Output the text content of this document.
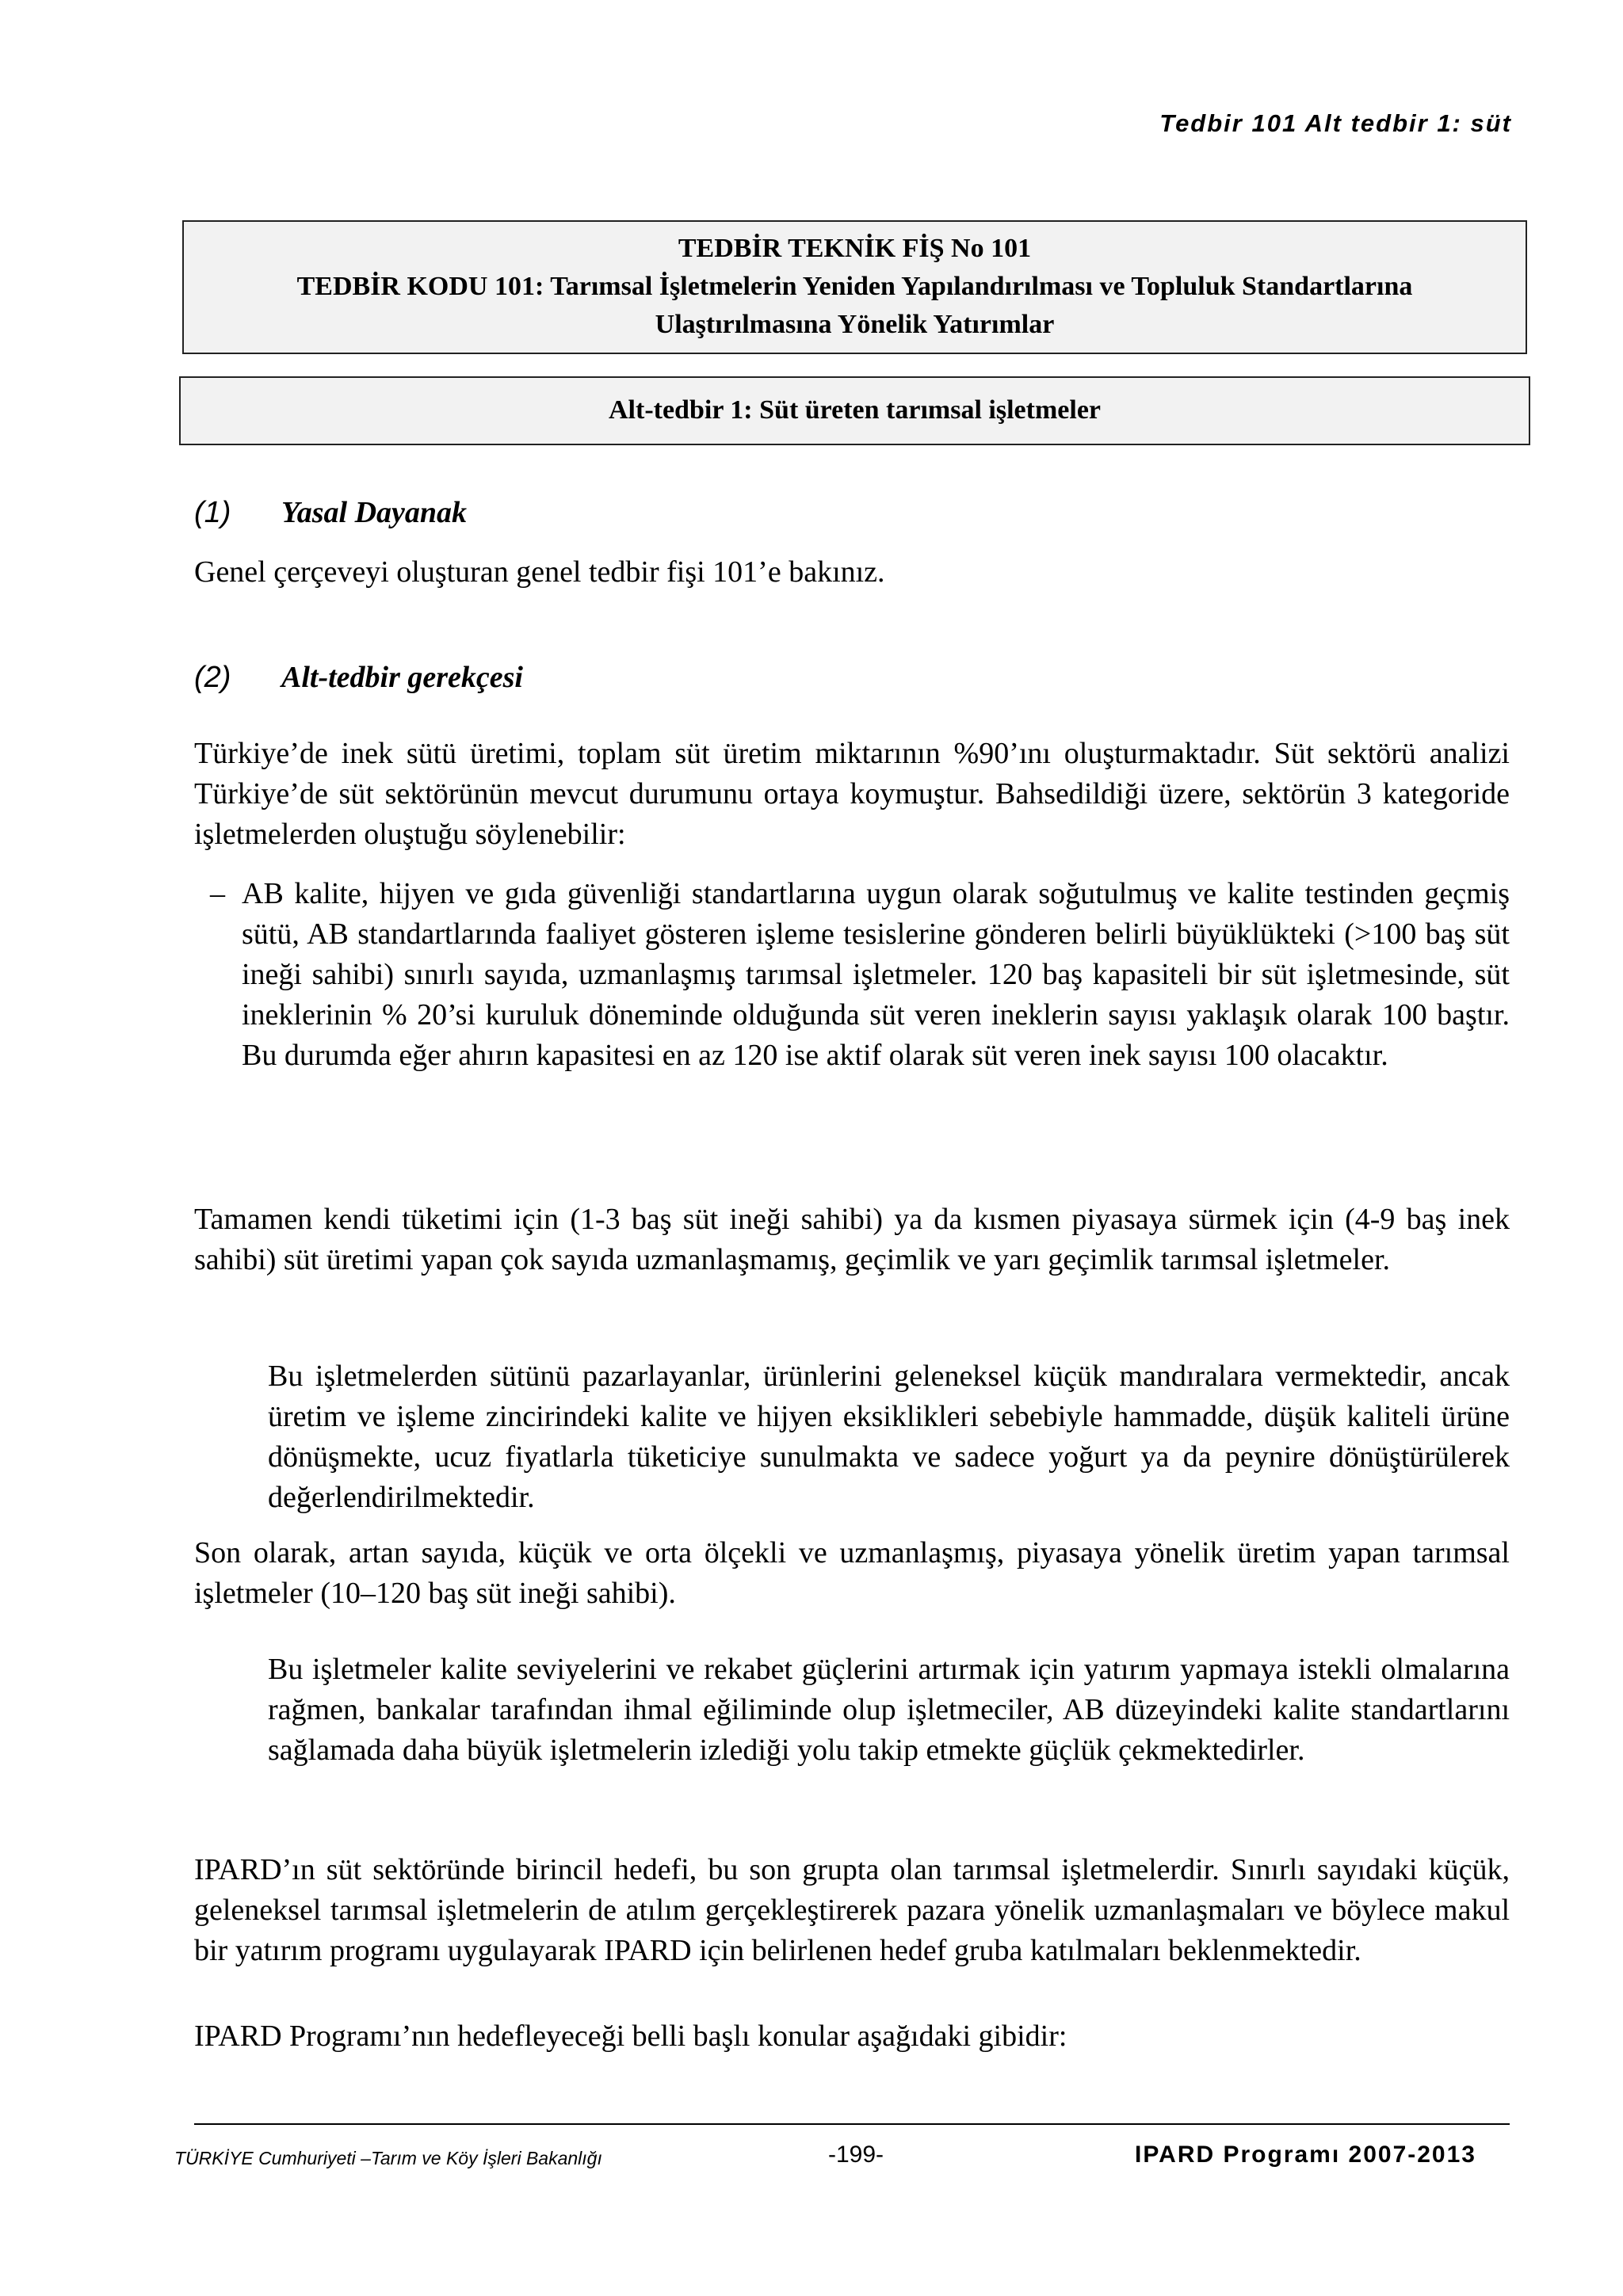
Tedbir 101 Alt tedbir 1: süt
TEDBİR TEKNİK FİŞ No 101
TEDBİR KODU 101: Tarımsal İşletmelerin Yeniden Yapılandırılması ve Topluluk Standartlarına
Ulaştırılmasına Yönelik Yatırımlar
Alt-tedbir 1: Süt üreten tarımsal işletmeler
(1) Yasal Dayanak
Genel çerçeveyi oluşturan genel tedbir fişi 101’e bakınız.
(2) Alt-tedbir gerekçesi
Türkiye’de inek sütü üretimi, toplam süt üretim miktarının %90’ını oluşturmaktadır. Süt sektörü analizi Türkiye’de süt sektörünün mevcut durumunu ortaya koymuştur. Bahsedildiği üzere, sektörün 3 kategoride işletmelerden oluştuğu söylenebilir:
– AB kalite, hijyen ve gıda güvenliği standartlarına uygun olarak soğutulmuş ve kalite testinden geçmiş sütü, AB standartlarında faaliyet gösteren işleme tesislerine gönderen belirli büyüklükteki (>100 baş süt ineği sahibi) sınırlı sayıda, uzmanlaşmış tarımsal işletmeler. 120 baş kapasiteli bir süt işletmesinde, süt ineklerinin % 20’si kuruluk döneminde olduğunda süt veren ineklerin sayısı yaklaşık olarak 100 baştır. Bu durumda eğer ahırın kapasitesi en az 120 ise aktif olarak süt veren inek sayısı 100 olacaktır.
Tamamen kendi tüketimi için (1-3 baş süt ineği sahibi) ya da kısmen piyasaya sürmek için (4-9 baş inek sahibi) süt üretimi yapan çok sayıda uzmanlaşmamış, geçimlik ve yarı geçimlik tarımsal işletmeler.
Bu işletmelerden sütünü pazarlayanlar, ürünlerini geleneksel küçük mandıralara vermektedir, ancak üretim ve işleme zincirindeki kalite ve hijyen eksiklikleri sebebiyle hammadde, düşük kaliteli ürüne dönüşmekte, ucuz fiyatlarla tüketiciye sunulmakta ve sadece yoğurt ya da peynire dönüştürülerek değerlendirilmektedir.
Son olarak, artan sayıda, küçük ve orta ölçekli ve uzmanlaşmış, piyasaya yönelik üretim yapan tarımsal işletmeler (10–120 baş süt ineği sahibi).
Bu işletmeler kalite seviyelerini ve rekabet güçlerini artırmak için yatırım yapmaya istekli olmalarına rağmen, bankalar tarafından ihmal eğiliminde olup işletmeciler, AB düzeyindeki kalite standartlarını sağlamada daha büyük işletmelerin izlediği yolu takip etmekte güçlük çekmektedirler.
IPARD’ın süt sektöründe birincil hedefi, bu son grupta olan tarımsal işletmelerdir. Sınırlı sayıdaki küçük, geleneksel tarımsal işletmelerin de atılım gerçekleştirerek pazara yönelik uzmanlaşmaları ve böylece makul bir yatırım programı uygulayarak IPARD için belirlenen hedef gruba katılmaları beklenmektedir.
IPARD Programı’nın hedefleyeceği belli başlı konular aşağıdaki gibidir:
TÜRKİYE Cumhuriyeti –Tarım ve Köy İşleri Bakanlığı	-199-	IPARD Programı 2007-2013
